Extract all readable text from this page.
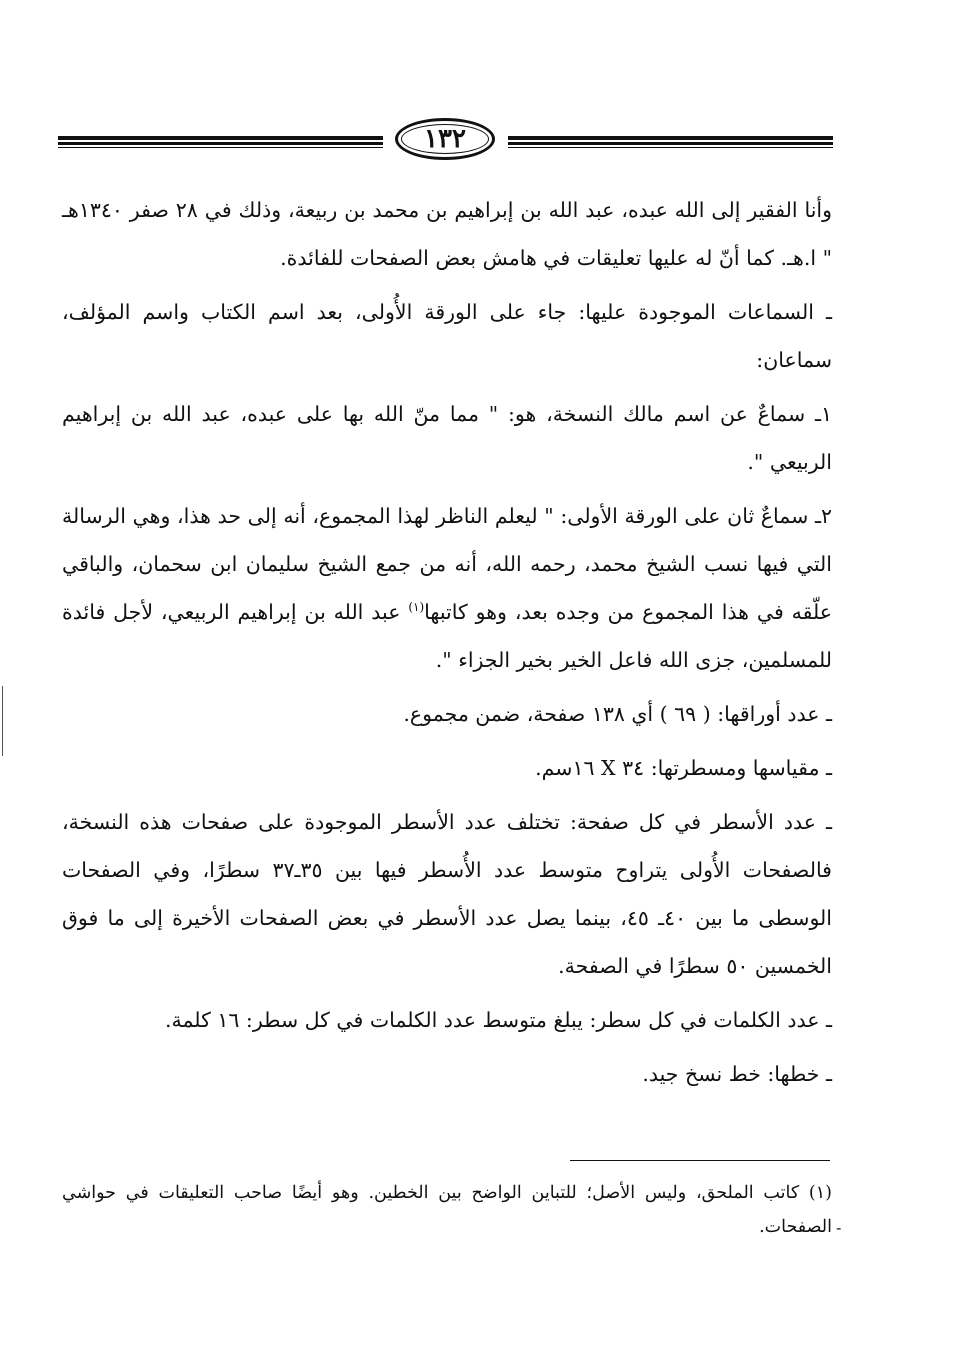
١٣٢

وأنا الفقير إلى الله عبده، عبد الله بن إبراهيم بن محمد بن ربيعة، وذلك في ٢٨ صفر ١٣٤٠هـ " ا.هـ. كما أنّ له عليها تعليقات في هامش بعض الصفحات للفائدة.

ـ السماعات الموجودة عليها: جاء على الورقة الأُولى، بعد اسم الكتاب واسم المؤلف، سماعان:

١ـ سماعٌ عن اسم مالك النسخة، هو: " مما منّ الله بها على عبده، عبد الله بن إبراهيم الربيعي ".

٢ـ سماعٌ ثان على الورقة الأولى: " ليعلم الناظر لهذا المجموع، أنه إلى حد هذا، وهي الرسالة التي فيها نسب الشيخ محمد، رحمه الله، أنه من جمع الشيخ سليمان ابن سحمان، والباقي علّقه في هذا المجموع من وجده بعد، وهو كاتبها$^{(١)}$ عبد الله بن إبراهيم الربيعي، لأجل فائدة للمسلمين، جزى الله فاعل الخير بخير الجزاء ".

ـ عدد أوراقها: ( ٦٩ ) أي ١٣٨ صفحة، ضمن مجموع.

ـ مقياسها ومسطرتها: ٣٤ X ١٦سم.

ـ عدد الأسطر في كل صفحة: تختلف عدد الأسطر الموجودة على صفحات هذه النسخة، فالصفحات الأُولى يتراوح متوسط عدد الأُسطر فيها بين ٣٥ـ٣٧ سطرًا، وفي الصفحات الوسطى ما بين ٤٠ـ ٤٥، بينما يصل عدد الأسطر في بعض الصفحات الأخيرة إلى ما فوق الخمسين ٥٠ سطرًا في الصفحة.

ـ عدد الكلمات في كل سطر: يبلغ متوسط عدد الكلمات في كل سطر: ١٦ كلمة.

ـ خطها: خط نسخ جيد.

(١) كاتب الملحق، وليس الأصل؛ للتباين الواضح بين الخطين. وهو أيضًا صاحب التعليقات في حواشي الصفحات. -
